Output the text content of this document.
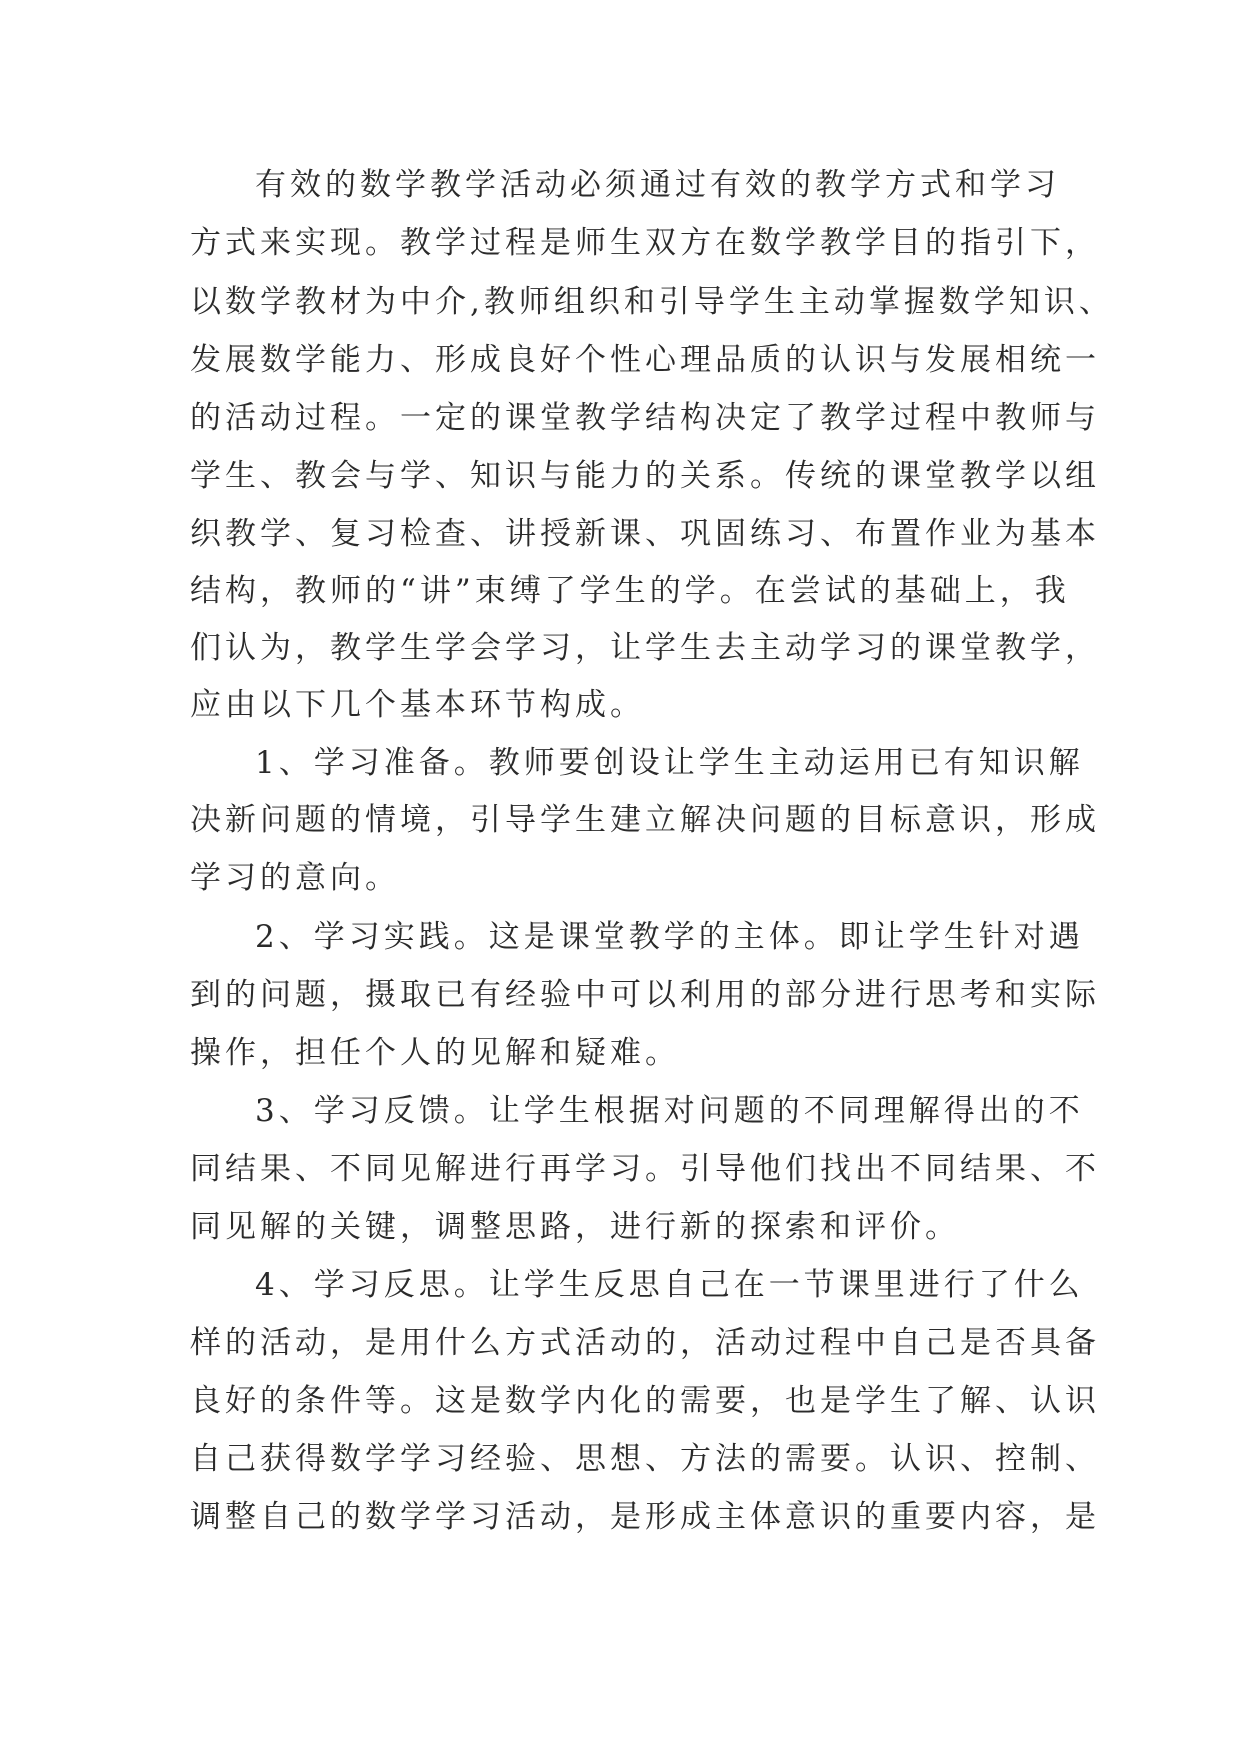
有效的数学教学活动必须通过有效的教学方式和学习
方式来实现。教学过程是师生双方在数学教学目的指引下，
以数学教材为中介,教师组织和引导学生主动掌握数学知识、
发展数学能力、形成良好个性心理品质的认识与发展相统一
的活动过程。一定的课堂教学结构决定了教学过程中教师与
学生、教会与学、知识与能力的关系。传统的课堂教学以组
织教学、复习检查、讲授新课、巩固练习、布置作业为基本
结构，教师的“讲”束缚了学生的学。在尝试的基础上，我
们认为，教学生学会学习，让学生去主动学习的课堂教学，
应由以下几个基本环节构成。
1、学习准备。教师要创设让学生主动运用已有知识解
决新问题的情境，引导学生建立解决问题的目标意识，形成
学习的意向。
2、学习实践。这是课堂教学的主体。即让学生针对遇
到的问题，摄取已有经验中可以利用的部分进行思考和实际
操作，担任个人的见解和疑难。
3、学习反馈。让学生根据对问题的不同理解得出的不
同结果、不同见解进行再学习。引导他们找出不同结果、不
同见解的关键，调整思路，进行新的探索和评价。
4、学习反思。让学生反思自己在一节课里进行了什么
样的活动，是用什么方式活动的，活动过程中自己是否具备
良好的条件等。这是数学内化的需要，也是学生了解、认识
自己获得数学学习经验、思想、方法的需要。认识、控制、
调整自己的数学学习活动，是形成主体意识的重要内容，是
